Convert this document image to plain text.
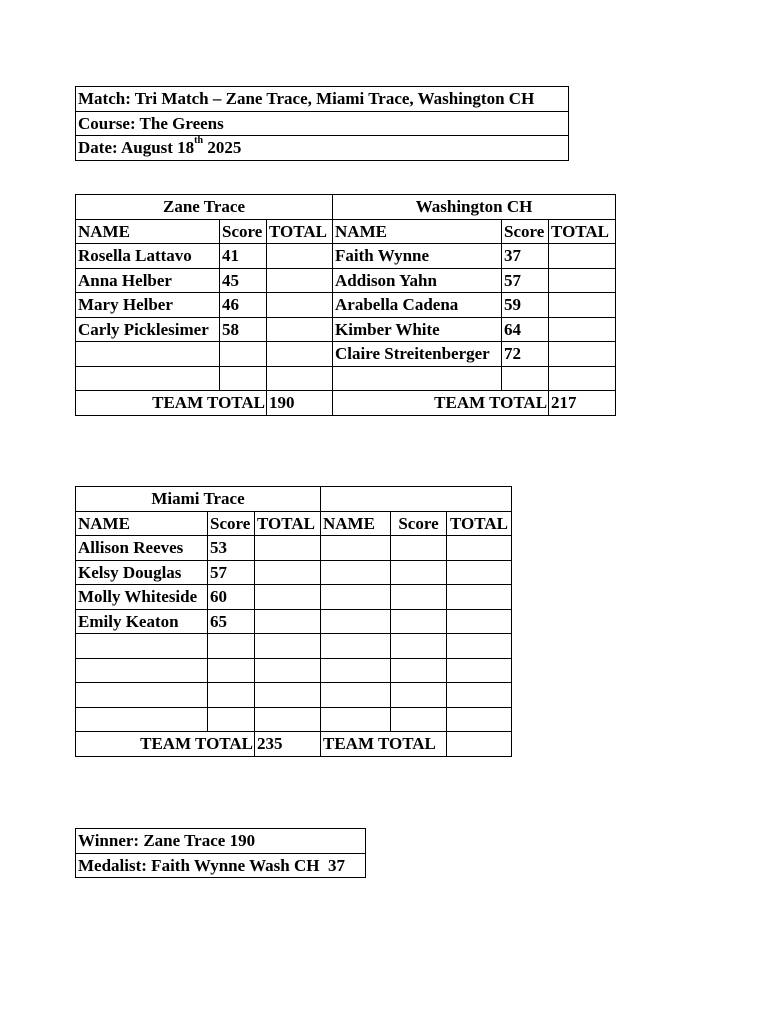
Match: Tri Match – Zane Trace, Miami Trace, Washington CH
Course: The Greens
Date: August 18th 2025
Zane Trace			Washington CH		
NAME	Score	TOTAL	NAME	Score	TOTAL
Rosella Lattavo	41		Faith Wynne	37	
Anna Helber	45		Addison Yahn	57	
Mary Helber	46		Arabella Cadena	59	
Carly Picklesimer	58		Kimber White	64	
			Claire Streitenberger	72	

TEAM TOTAL		190	TEAM TOTAL		217
Miami Trace					
NAME	Score	TOTAL	NAME	Score	TOTAL
Allison Reeves	53				
Kelsy Douglas	57				
Molly Whiteside	60				
Emily Keaton	65				

TEAM TOTAL		235	TEAM TOTAL		
Winner: Zane Trace 190
Medalist: Faith Wynne Wash CH  37
